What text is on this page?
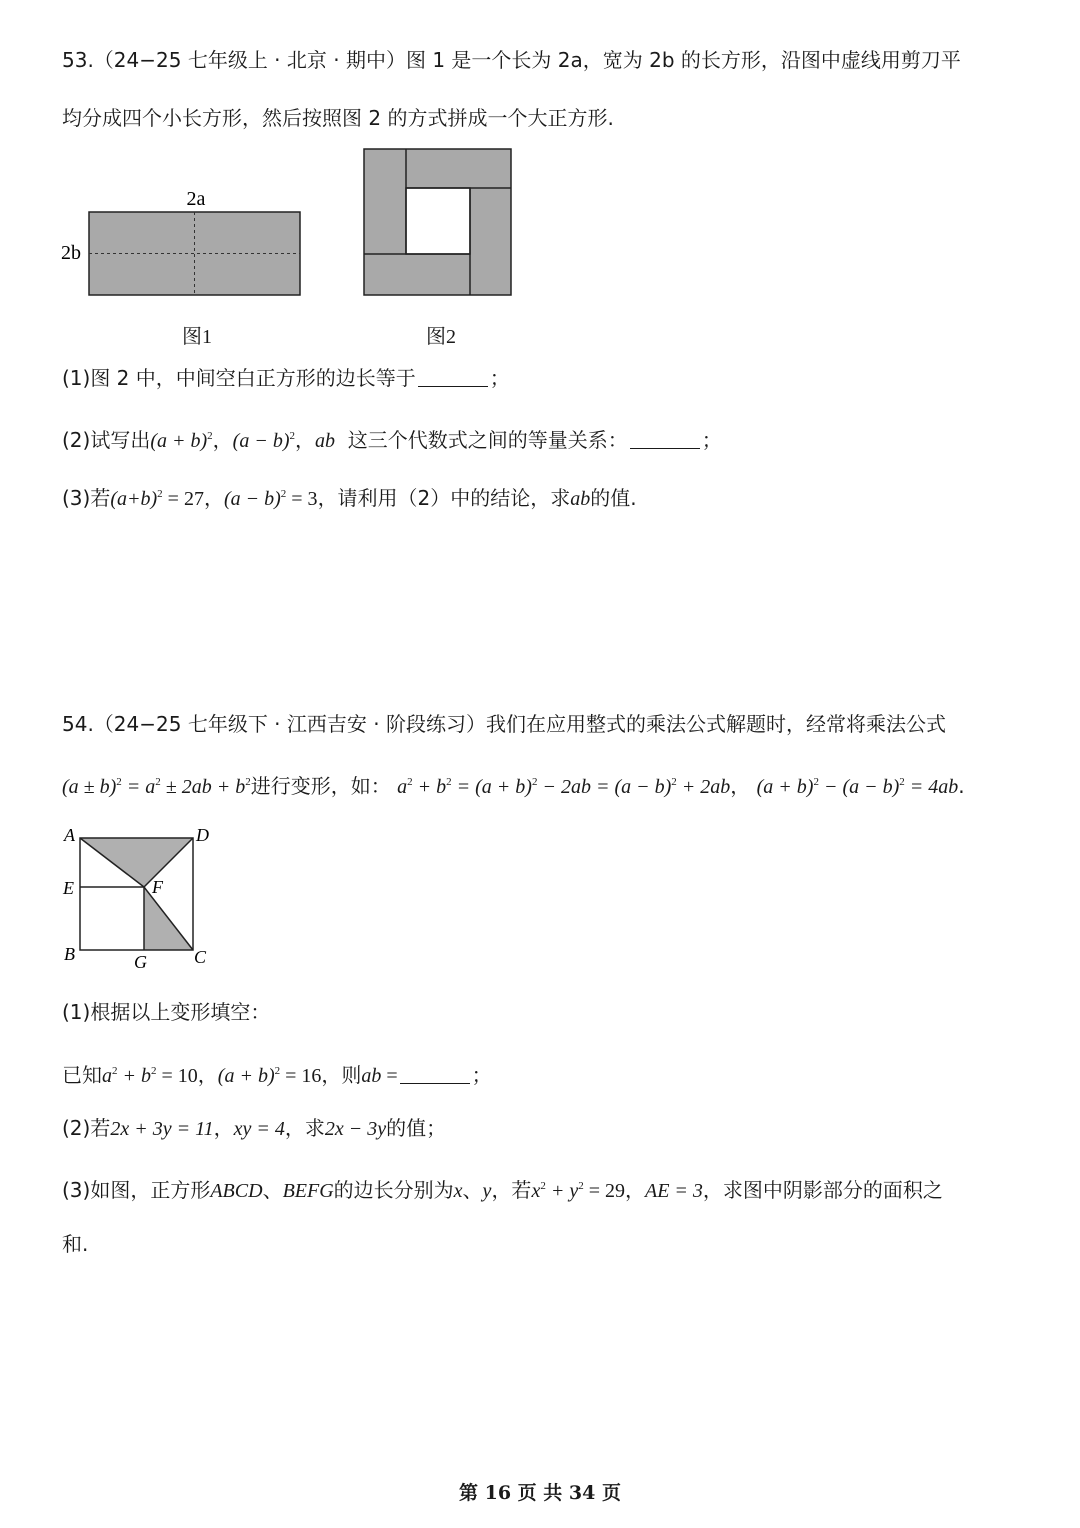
53.（24−25 七年级上 · 北京 · 期中）图 1 是一个长为 2a，宽为 2b 的长方形，沿图中虚线用剪刀平
均分成四个小长方形，然后按照图 2 的方式拼成一个大正方形.
2a
2b
图1	图2
(1)图 2 中，中间空白正方形的边长等于	；
(2)试写出$(a + b)^2$，$(a - b)^2$，ab 这三个代数式之间的等量关系：	；
(3)若$(a+b)^2 = 27$，$(a - b)^2 = 3$，请利用（2）中的结论，求ab的值.
54.（24−25 七年级下 · 江西吉安 · 阶段练习）我们在应用整式的乘法公式解题时，经常将乘法公式
$(a \pm b)^2 = a^2 \pm 2ab + b^2$进行变形，如： $a^2 + b^2 = (a + b)^2 - 2ab = (a - b)^2 + 2ab$， $(a + b)^2 - (a - b)^2 = 4ab$.
A	D
E	F
B	G	C
(1)根据以上变形填空：
已知$a^2 + b^2 = 10$，$(a + b)^2 = 16$，则ab =	；
(2)若2x + 3y = 11，xy = 4，求2x − 3y的值；
(3)如图，正方形ABCD、BEFG的边长分别为x、y，若$x^2 + y^2 = 29$，AE = 3，求图中阴影部分的面积之
和.
第 16 页 共 34 页
